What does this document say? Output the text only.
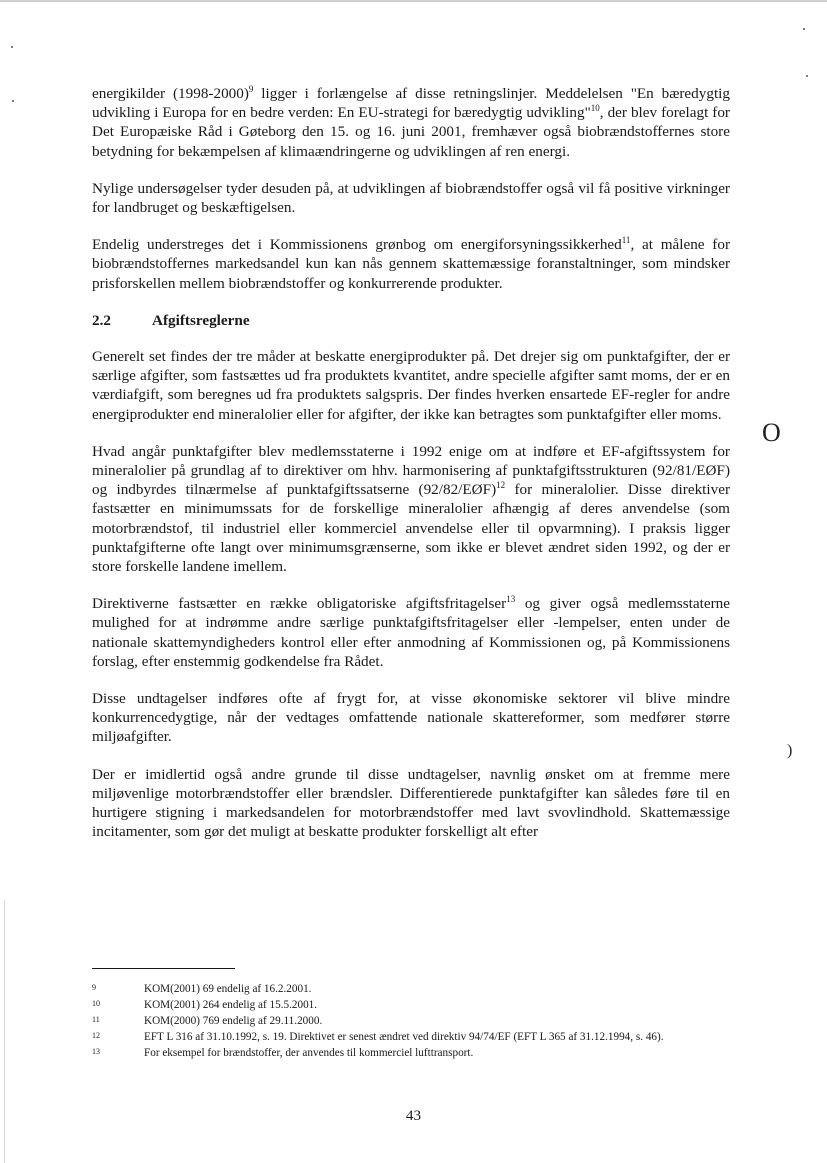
O
)

energikilder (1998-2000)$^9$ ligger i forlængelse af disse retningslinjer. Meddelelsen "En bæredygtig udvikling i Europa for en bedre verden: En EU-strategi for bæredygtig udvikling"$^{10}$, der blev forelagt for Det Europæiske Råd i Gøteborg den 15. og 16. juni 2001, fremhæver også biobrændstoffernes store betydning for bekæmpelsen af klimaændringerne og udviklingen af ren energi.

Nylige undersøgelser tyder desuden på, at udviklingen af biobrændstoffer også vil få positive virkninger for landbruget og beskæftigelsen.

Endelig understreges det i Kommissionens grønbog om energiforsyningssikkerhed$^{11}$, at målene for biobrændstoffernes markedsandel kun kan nås gennem skattemæssige foranstaltninger, som mindsker prisforskellen mellem biobrændstoffer og konkurrerende produkter.

2.2	Afgiftsreglerne

Generelt set findes der tre måder at beskatte energiprodukter på. Det drejer sig om punktafgifter, der er særlige afgifter, som fastsættes ud fra produktets kvantitet, andre specielle afgifter samt moms, der er en værdiafgift, som beregnes ud fra produktets salgspris. Der findes hverken ensartede EF-regler for andre energiprodukter end mineralolier eller for afgifter, der ikke kan betragtes som punktafgifter eller moms.

Hvad angår punktafgifter blev medlemsstaterne i 1992 enige om at indføre et EF-afgiftssystem for mineralolier på grundlag af to direktiver om hhv. harmonisering af punktafgiftsstrukturen (92/81/EØF) og indbyrdes tilnærmelse af punktafgiftssatserne (92/82/EØF)$^{12}$ for mineralolier. Disse direktiver fastsætter en minimumssats for de forskellige mineralolier afhængig af deres anvendelse (som motorbrændstof, til industriel eller kommerciel anvendelse eller til opvarmning). I praksis ligger punktafgifterne ofte langt over minimumsgrænserne, som ikke er blevet ændret siden 1992, og der er store forskelle landene imellem.

Direktiverne fastsætter en række obligatoriske afgiftsfritagelser$^{13}$ og giver også medlemsstaterne mulighed for at indrømme andre særlige punktafgiftsfritagelser eller -lempelser, enten under de nationale skattemyndigheders kontrol eller efter anmodning af Kommissionen og, på Kommissionens forslag, efter enstemmig godkendelse fra Rådet.

Disse undtagelser indføres ofte af frygt for, at visse økonomiske sektorer vil blive mindre konkurrencedygtige, når der vedtages omfattende nationale skattereformer, som medfører større miljøafgifter.

Der er imidlertid også andre grunde til disse undtagelser, navnlig ønsket om at fremme mere miljøvenlige motorbrændstoffer eller brændsler. Differentierede punktafgifter kan således føre til en hurtigere stigning i markedsandelen for motorbrændstoffer med lavt svovlindhold. Skattemæssige incitamenter, som gør det muligt at beskatte produkter forskelligt alt efter

9	KOM(2001) 69 endelig af 16.2.2001.
10	KOM(2001) 264 endelig af 15.5.2001.
11	KOM(2000) 769 endelig af 29.11.2000.
12	EFT L 316 af 31.10.1992, s. 19. Direktivet er senest ændret ved direktiv 94/74/EF (EFT L 365 af 31.12.1994, s. 46).
13	For eksempel for brændstoffer, der anvendes til kommerciel lufttransport.
43
